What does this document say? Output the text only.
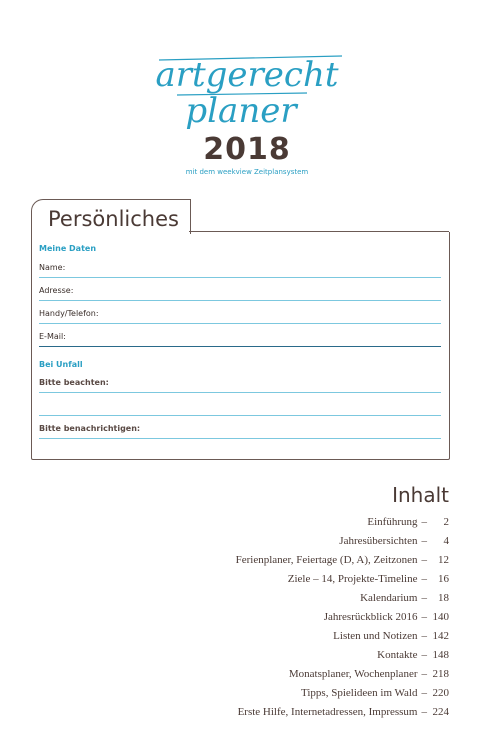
artgerecht
planer
2018
mit dem weekview Zeitplansystem
Persönliches
Meine Daten
Name:
Adresse:
Handy/Telefon:
E-Mail:
Bei Unfall
Bitte beachten:
Bitte benachrichtigen:
Inhalt
Einführung –	2
Jahresübersichten –	4
Ferienplaner, Feiertage (D, A), Zeitzonen –	12
Ziele – 14, Projekte-Timeline –	16
Kalendarium –	18
Jahresrückblick 2016 – 140
Listen und Notizen – 142
Kontakte – 148
Monatsplaner, Wochenplaner – 218
Tipps, Spielideen im Wald – 220
Erste Hilfe, Internetadressen, Impressum – 224
